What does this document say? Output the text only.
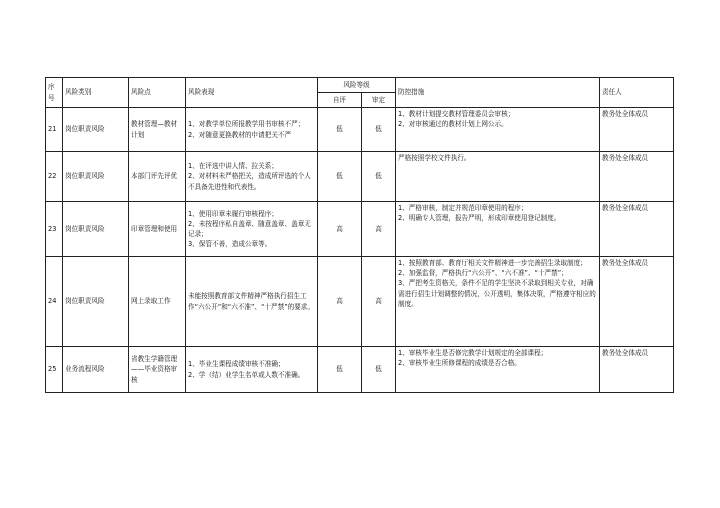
序号	风险类别	风险点	风险表现	风险等级		防控措施	责任人
				自评	审定		
21	岗位职责风险	教材管理—教材计划	1、对教学单位所报教学用书审核不严；
2、对随意更换教材的申请把关不严	低	低	1、教材计划提交教材管理委员会审核；
2、对审核通过的教材计划上网公示。	教务处全体成员
22	岗位职责风险	本部门评先评优	1、在评选中讲人情、拉关系；
2、对材料未严格把关，造成所评选的个人不具备先进性和代表性。	低	低	严格按照学校文件执行。	教务处全体成员
23	岗位职责风险	印章管理和使用	1、使用印章未履行审核程序；
2、未按程序私自盖章、随意盖章、盖章无记录；
3、保管不善，造成公章等。	高	高	1、严格审核，制定并规范印章使用的程序；
2、明确专人管理，报告严明，形成印章使用登记制度。	教务处全体成员
24	岗位职责风险	网上录取工作	未能按照教育部文件精神严格执行招生工作“六公开”和“六不准”、“十严禁”的要求。	高	高	1、按照教育部、教育厅相关文件精神进一步完善招生录取制度；
2、加强监督，严格执行“六公开”、“六不准”、“十严禁”；
3、严把考生资格关，条件不足的学生坚决不录取到相关专业，对确需进行招生计划调整的情况，公开透明，集体决策，严格遵守相应的制度。	教务处全体成员
25	业务流程风险	省教生学籍管理——毕业资格审核	1、毕业生课程成绩审核不准确；
2、学（结）业学生名单或人数不准确。	低	低	1、审核毕业生是否修完教学计划规定的全部课程；
2、审核毕业生所修课程的成绩是否合格。	教务处全体成员
